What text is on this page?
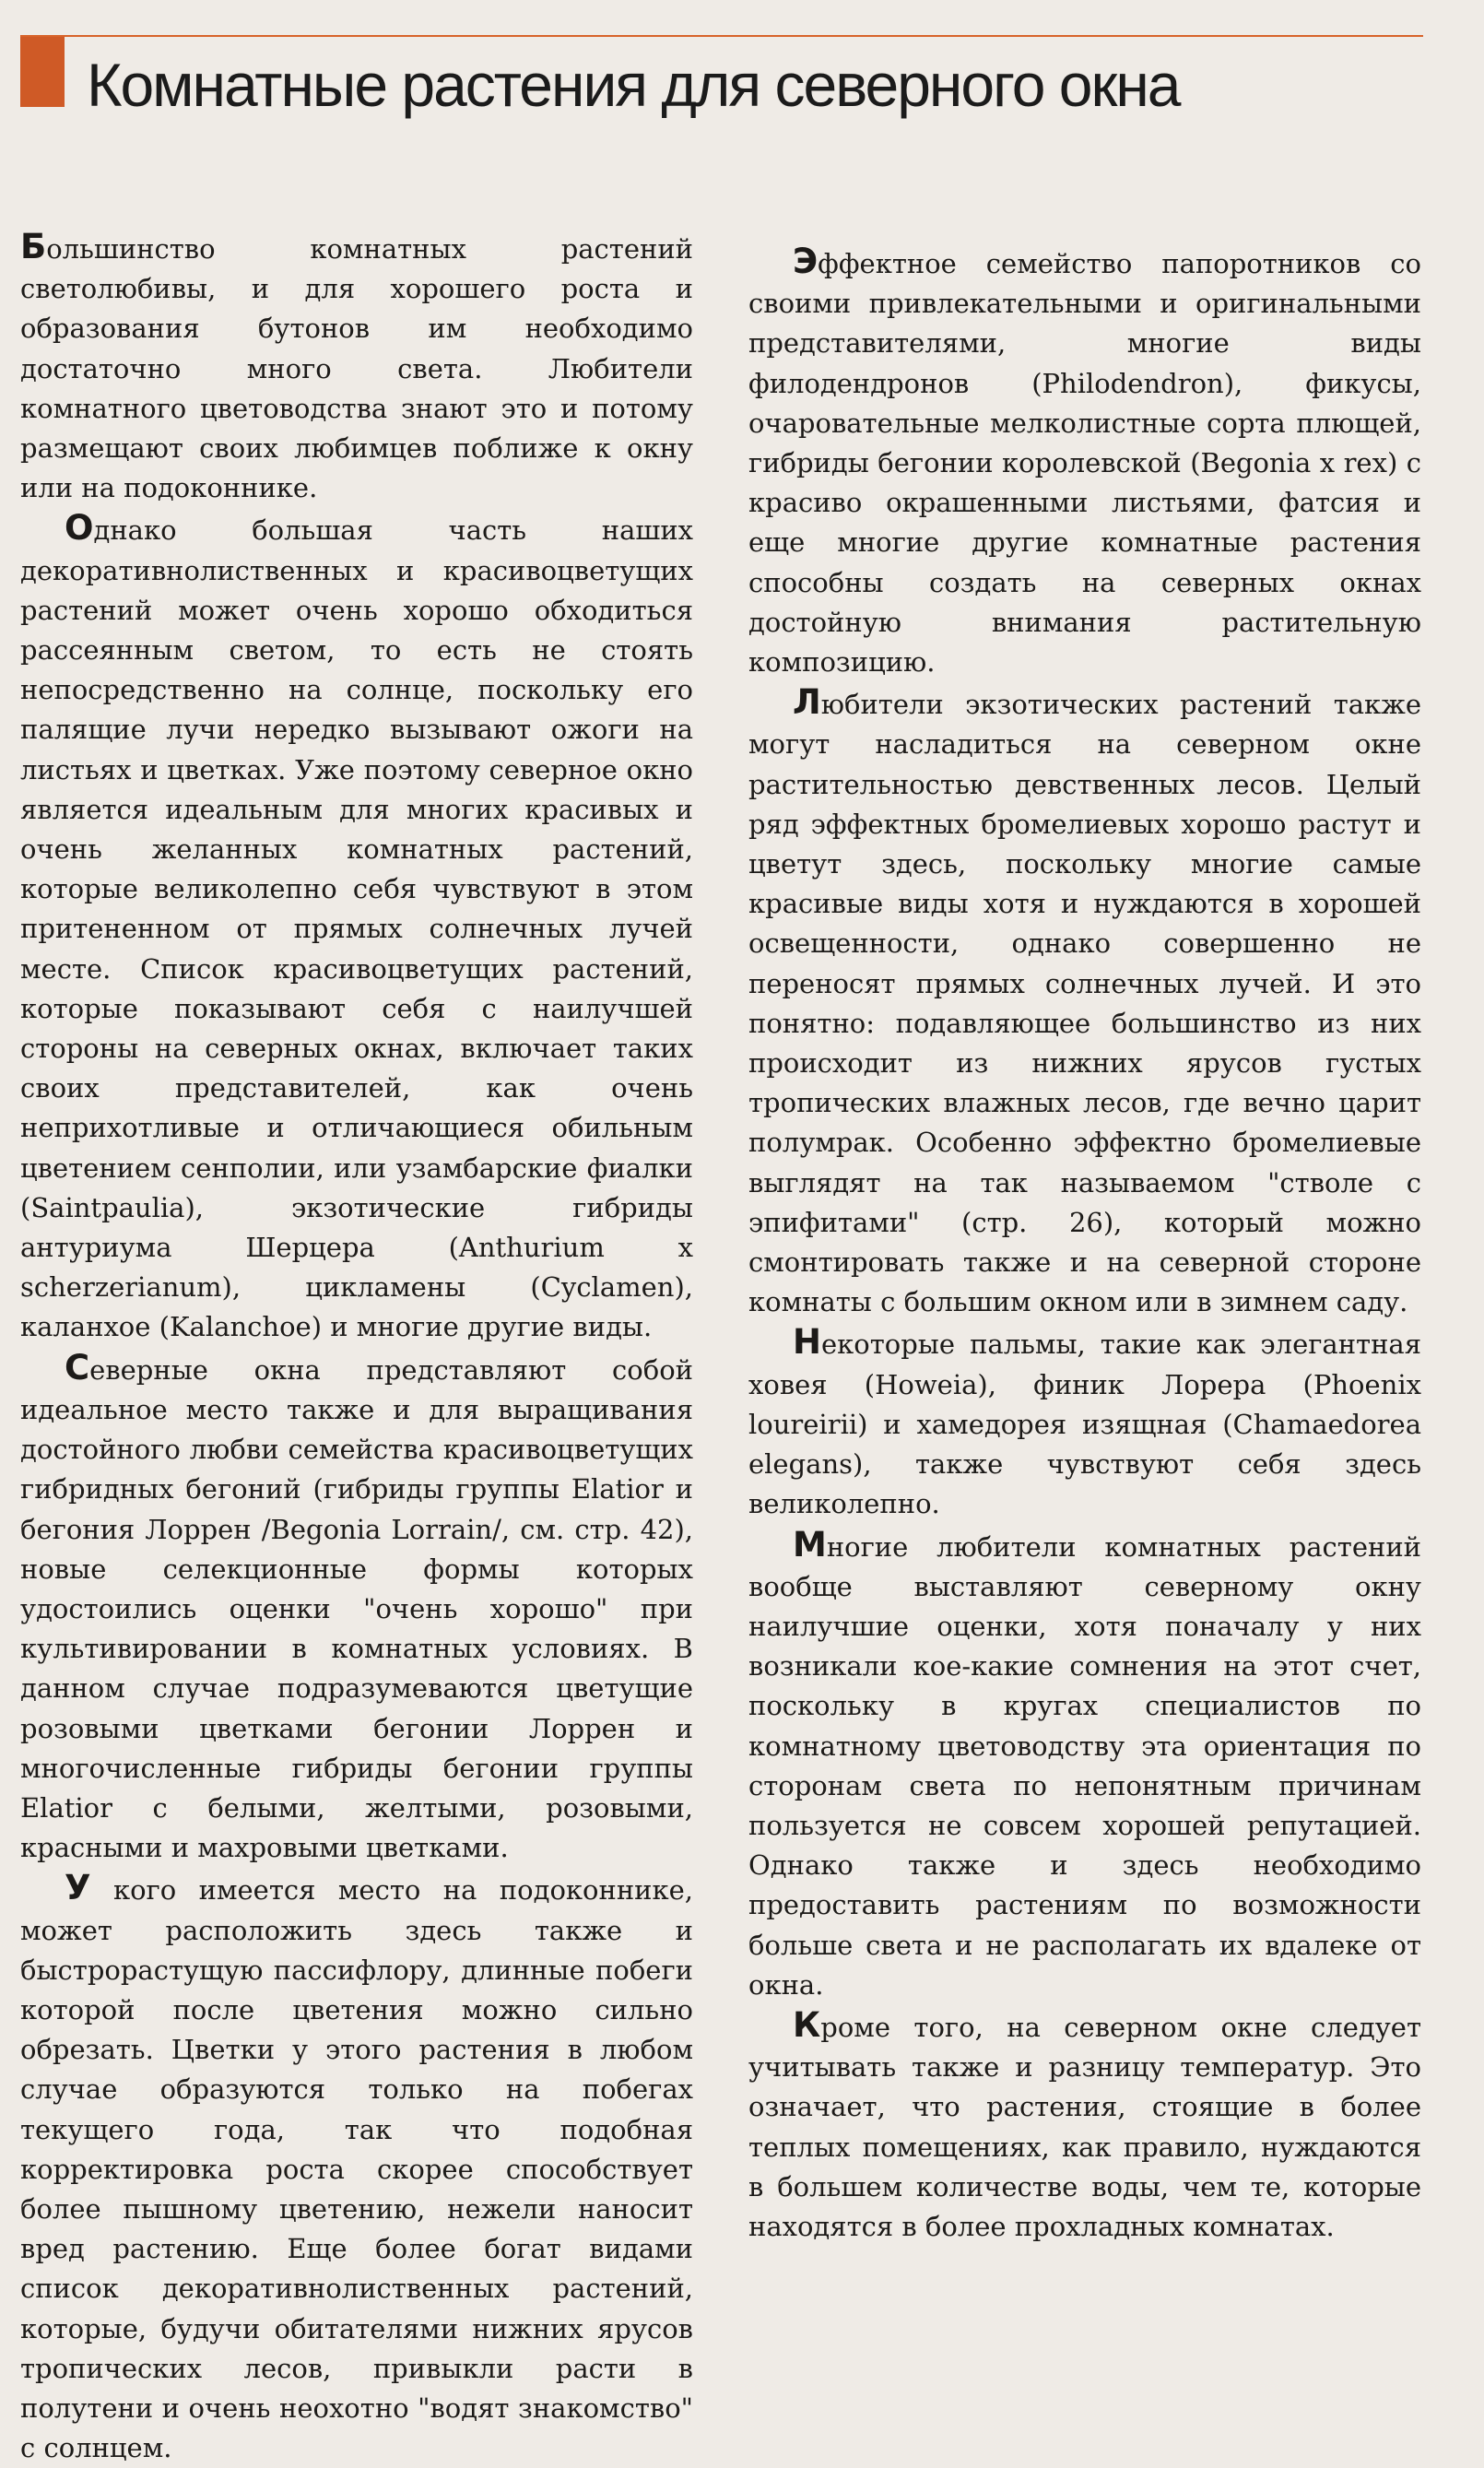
Комнатные растения для северного окна

Большинство комнатных растений светолюбивы, и для хорошего роста и образования бутонов им необходимо достаточно много света. Любители комнатного цветоводства знают это и потому размещают своих любимцев поближе к окну или на подоконнике.

Однако большая часть наших декоративнолиственных и красивоцветущих растений может очень хорошо обходиться рассеянным светом, то есть не стоять непосредственно на солнце, поскольку его палящие лучи нередко вызывают ожоги на листьях и цветках. Уже поэтому северное окно является идеальным для многих красивых и очень желанных комнатных растений, которые великолепно себя чувствуют в этом притененном от прямых солнечных лучей месте. Список красивоцветущих растений, которые показывают себя с наилучшей стороны на северных окнах, включает таких своих представителей, как очень неприхотливые и отличающиеся обильным цветением сенполии, или узамбарские фиалки (Saintpaulia), экзотические гибриды антуриума Шерцера (Anthurium x scherzerianum), цикламены (Cyclamen), каланхое (Kalanchoe) и многие другие виды.

Северные окна представляют собой идеальное место также и для выращивания достойного любви семейства красивоцветущих гибридных бегоний (гибриды группы Elatior и бегония Лоррен /Begonia Lorrain/, см. стр. 42), новые селекционные формы которых удостоились оценки "очень хорошо" при культивировании в комнатных условиях. В данном случае подразумеваются цветущие розовыми цветками бегонии Лоррен и многочисленные гибриды бегонии группы Elatior с белыми, желтыми, розовыми, красными и махровыми цветками.

У кого имеется место на подоконнике, может расположить здесь также и быстрорастущую пассифлору, длинные побеги которой после цветения можно сильно обрезать. Цветки у этого растения в любом случае образуются только на побегах текущего года, так что подобная корректировка роста скорее способствует более пышному цветению, нежели наносит вред растению. Еще более богат видами список декоративнолиственных растений, которые, будучи обитателями нижних ярусов тропических лесов, привыкли расти в полутени и очень неохотно "водят знакомство" с солнцем.

Эффектное семейство папоротников со своими привлекательными и оригинальными представителями, многие виды филодендронов (Philodendron), фикусы, очаровательные мелколистные сорта плющей, гибриды бегонии королевской (Begonia x rex) с красиво окрашенными листьями, фатсия и еще многие другие комнатные растения способны создать на северных окнах достойную внимания растительную композицию.

Любители экзотических растений также могут насладиться на северном окне растительностью девственных лесов. Целый ряд эффектных бромелиевых хорошо растут и цветут здесь, поскольку многие самые красивые виды хотя и нуждаются в хорошей освещенности, однако совершенно не переносят прямых солнечных лучей. И это понятно: подавляющее большинство из них происходит из нижних ярусов густых тропических влажных лесов, где вечно царит полумрак. Особенно эффектно бромелиевые выглядят на так называемом "стволе с эпифитами" (стр. 26), который можно смонтировать также и на северной стороне комнаты с большим окном или в зимнем саду.

Некоторые пальмы, такие как элегантная ховея (Howeia), финик Лорера (Phoenix loureirii) и хамедорея изящная (Chamaedorea elegans), также чувствуют себя здесь великолепно.

Многие любители комнатных растений вообще выставляют северному окну наилучшие оценки, хотя поначалу у них возникали кое-какие сомнения на этот счет, поскольку в кругах специалистов по комнатному цветоводству эта ориентация по сторонам света по непонятным причинам пользуется не совсем хорошей репутацией. Однако также и здесь необходимо предоставить растениям по возможности больше света и не располагать их вдалеке от окна.

Кроме того, на северном окне следует учитывать также и разницу температур. Это означает, что растения, стоящие в более теплых помещениях, как правило, нуждаются в большем количестве воды, чем те, которые находятся в более прохладных комнатах.
